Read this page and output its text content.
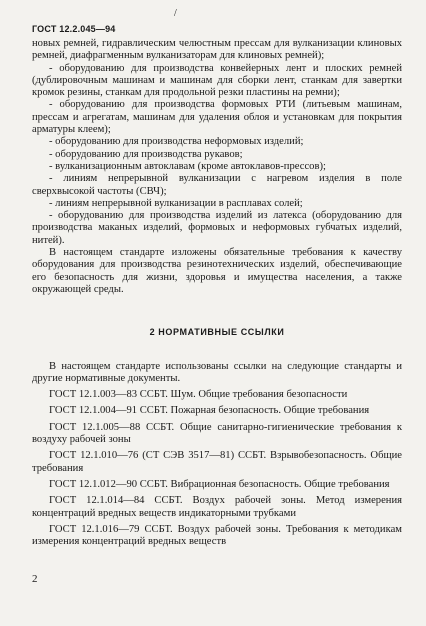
/
ГОСТ 12.2.045—94

новых ремней, гидравлическим челюстным прессам для вулканизации клиновых ремней, диафрагменным вулканизаторам для клиновых ремней);

- оборудованию для производства конвейерных лент и плоских ремней (дублировочным машинам и машинам для сборки лент, станкам для завертки кромок резины, станкам для продольной резки пластины на ремни);

- оборудованию для производства формовых РТИ (литьевым машинам, прессам и агрегатам, машинам для удаления облоя и установкам для покрытия арматуры клеем);

- оборудованию для производства неформовых изделий;

- оборудованию для производства рукавов;

- вулканизационным автоклавам (кроме автоклавов-прессов);

- линиям непрерывной вулканизации с нагревом изделия в поле сверхвысокой частоты (СВЧ);

- линиям непрерывной вулканизации в расплавах солей;

- оборудованию для производства изделий из латекса (оборудованию для производства маканых изделий, формовых и неформовых губчатых изделий, нитей).

В настоящем стандарте изложены обязательные требования к качеству оборудования для производства резинотехнических изделий, обеспечивающие его безопасность для жизни, здоровья и имущества населения, а также окружающей среды.

2 НОРМАТИВНЫЕ ССЫЛКИ

В настоящем стандарте использованы ссылки на следующие стандарты и другие нормативные документы.

ГОСТ 12.1.003—83 ССБТ. Шум. Общие требования безопасности

ГОСТ 12.1.004—91 ССБТ. Пожарная безопасность. Общие требования

ГОСТ 12.1.005—88 ССБТ. Общие санитарно-гигиенические требования к воздуху рабочей зоны

ГОСТ 12.1.010—76 (СТ СЭВ 3517—81) ССБТ. Взрывобезопасность. Общие требования

ГОСТ 12.1.012—90 ССБТ. Вибрационная безопасность. Общие требования

ГОСТ 12.1.014—84 ССБТ. Воздух рабочей зоны. Метод измерения концентраций вредных веществ индикаторными трубками

ГОСТ 12.1.016—79 ССБТ. Воздух рабочей зоны. Требования к методикам измерения концентраций вредных веществ

2
